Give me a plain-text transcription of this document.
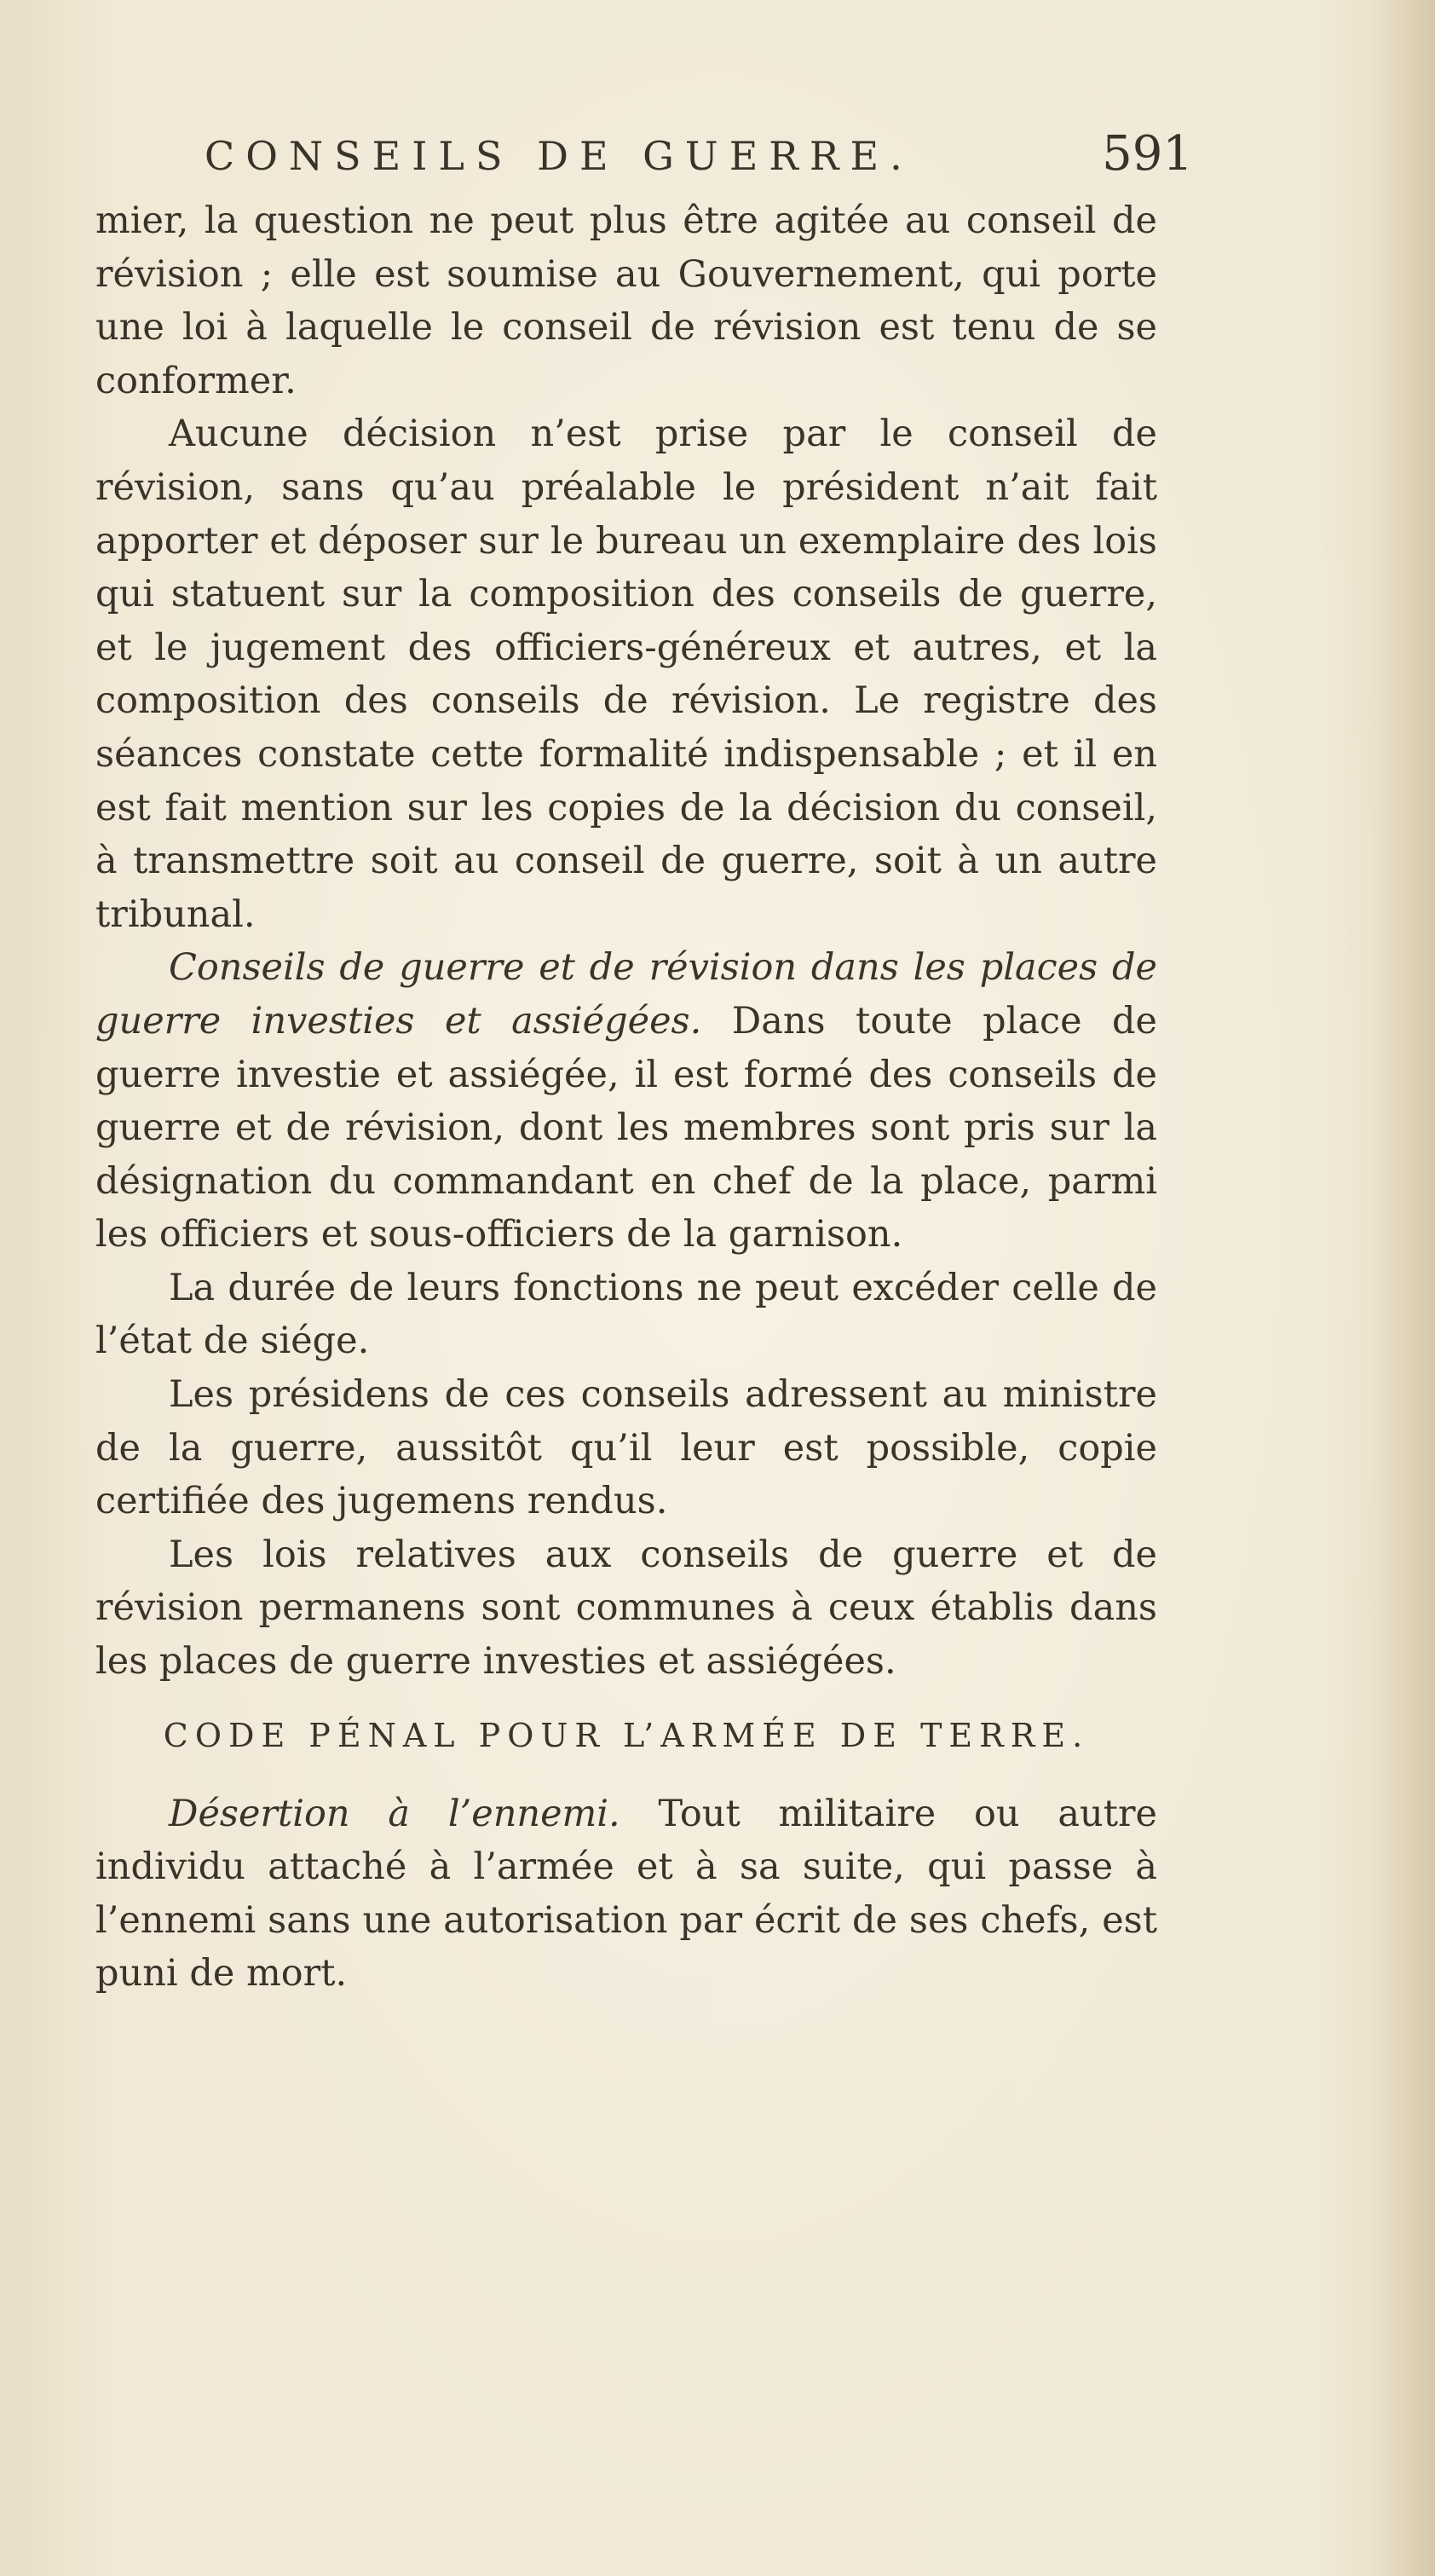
CONSEILS DE GUERRE.	591

mier, la question ne peut plus être agitée au conseil de révision ; elle est soumise au Gouvernement, qui porte une loi à laquelle le conseil de révision est tenu de se conformer.

Aucune décision n’est prise par le conseil de révision, sans qu’au préalable le président n’ait fait apporter et déposer sur le bureau un exemplaire des lois qui statuent sur la composition des conseils de guerre, et le jugement des officiers-généreux et autres, et la composition des conseils de révision. Le registre des séances constate cette formalité indispensable ; et il en est fait mention sur les copies de la décision du conseil, à transmettre soit au conseil de guerre, soit à un autre tribunal.

Conseils de guerre et de révision dans les places de guerre investies et assiégées. Dans toute place de guerre investie et assiégée, il est formé des conseils de guerre et de révision, dont les membres sont pris sur la désignation du commandant en chef de la place, parmi les officiers et sous-officiers de la garnison.

La durée de leurs fonctions ne peut excéder celle de l’état de siége.

Les présidens de ces conseils adressent au ministre de la guerre, aussitôt qu’il leur est possible, copie certifiée des jugemens rendus.

Les lois relatives aux conseils de guerre et de révision permanens sont communes à ceux établis dans les places de guerre investies et assiégées.

CODE PÉNAL POUR L’ARMÉE DE TERRE.

Désertion à l’ennemi. Tout militaire ou autre individu attaché à l’armée et à sa suite, qui passe à l’ennemi sans une autorisation par écrit de ses chefs, est puni de mort.
